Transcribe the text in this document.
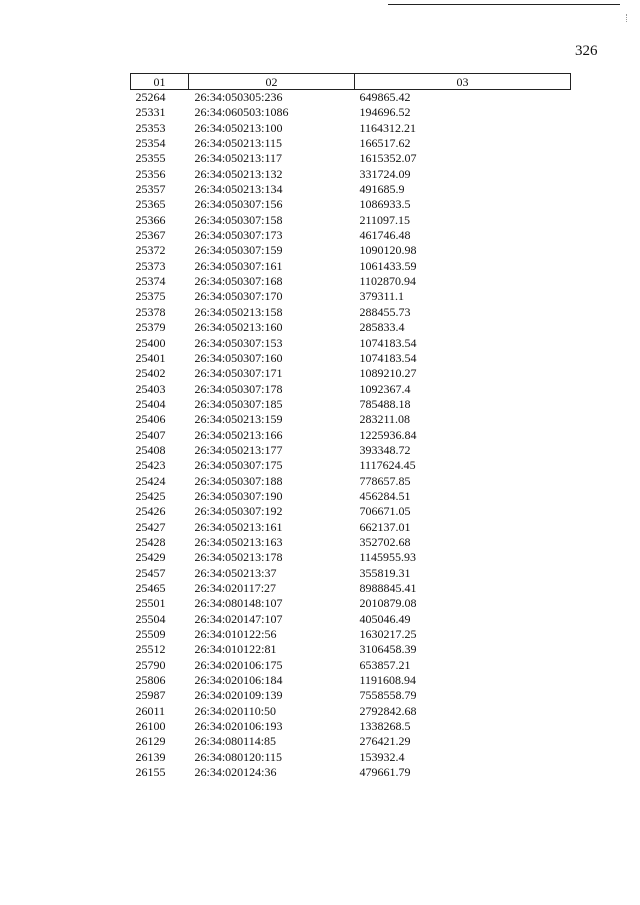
326
01	02	03
25264	26:34:050305:236	649865.42
25331	26:34:060503:1086	194696.52
25353	26:34:050213:100	1164312.21
25354	26:34:050213:115	166517.62
25355	26:34:050213:117	1615352.07
25356	26:34:050213:132	331724.09
25357	26:34:050213:134	491685.9
25365	26:34:050307:156	1086933.5
25366	26:34:050307:158	211097.15
25367	26:34:050307:173	461746.48
25372	26:34:050307:159	1090120.98
25373	26:34:050307:161	1061433.59
25374	26:34:050307:168	1102870.94
25375	26:34:050307:170	379311.1
25378	26:34:050213:158	288455.73
25379	26:34:050213:160	285833.4
25400	26:34:050307:153	1074183.54
25401	26:34:050307:160	1074183.54
25402	26:34:050307:171	1089210.27
25403	26:34:050307:178	1092367.4
25404	26:34:050307:185	785488.18
25406	26:34:050213:159	283211.08
25407	26:34:050213:166	1225936.84
25408	26:34:050213:177	393348.72
25423	26:34:050307:175	1117624.45
25424	26:34:050307:188	778657.85
25425	26:34:050307:190	456284.51
25426	26:34:050307:192	706671.05
25427	26:34:050213:161	662137.01
25428	26:34:050213:163	352702.68
25429	26:34:050213:178	1145955.93
25457	26:34:050213:37	355819.31
25465	26:34:020117:27	8988845.41
25501	26:34:080148:107	2010879.08
25504	26:34:020147:107	405046.49
25509	26:34:010122:56	1630217.25
25512	26:34:010122:81	3106458.39
25790	26:34:020106:175	653857.21
25806	26:34:020106:184	1191608.94
25987	26:34:020109:139	7558558.79
26011	26:34:020110:50	2792842.68
26100	26:34:020106:193	1338268.5
26129	26:34:080114:85	276421.29
26139	26:34:080120:115	153932.4
26155	26:34:020124:36	479661.79
